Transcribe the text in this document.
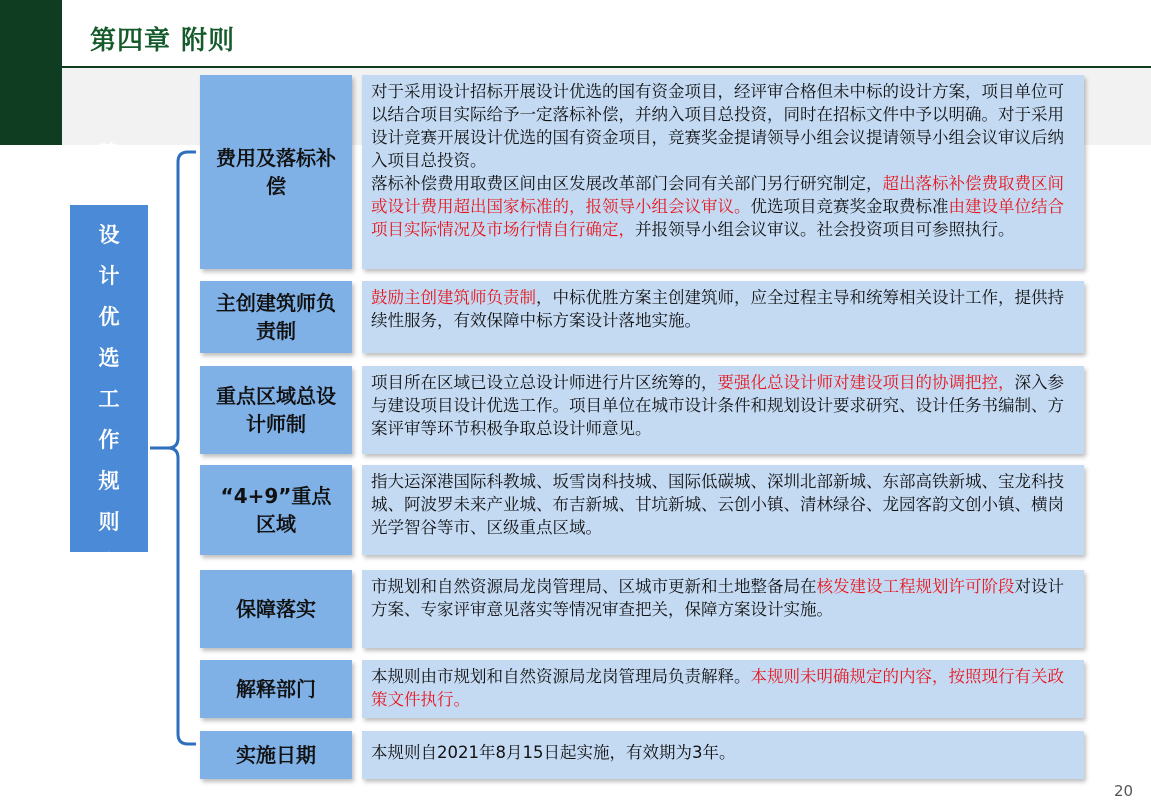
第四章 附则
建筑设计优选工作规则附则
费用及落标补偿
对于采用设计招标开展设计优选的国有资金项目，经评审合格但未中标的设计方案，项目单位可以结合项目实际给予一定落标补偿，并纳入项目总投资，同时在招标文件中予以明确。对于采用设计竞赛开展设计优选的国有资金项目，竞赛奖金提请领导小组会议提请领导小组会议审议后纳入项目总投资。
落标补偿费用取费区间由区发展改革部门会同有关部门另行研究制定，超出落标补偿费取费区间或设计费用超出国家标准的，报领导小组会议审议。优选项目竞赛奖金取费标准由建设单位结合项目实际情况及市场行情自行确定，并报领导小组会议审议。社会投资项目可参照执行。
主创建筑师负责制
鼓励主创建筑师负责制，中标优胜方案主创建筑师，应全过程主导和统筹相关设计工作，提供持续性服务，有效保障中标方案设计落地实施。
重点区域总设计师制
项目所在区域已设立总设计师进行片区统筹的，要强化总设计师对建设项目的协调把控，深入参与建设项目设计优选工作。项目单位在城市设计条件和规划设计要求研究、设计任务书编制、方案评审等环节积极争取总设计师意见。
“4+9”重点区域
指大运深港国际科教城、坂雪岗科技城、国际低碳城、深圳北部新城、东部高铁新城、宝龙科技城、阿波罗未来产业城、布吉新城、甘坑新城、云创小镇、清林绿谷、龙园客韵文创小镇、横岗光学智谷等市、区级重点区域。
保障落实
市规划和自然资源局龙岗管理局、区城市更新和土地整备局在核发建设工程规划许可阶段对设计方案、专家评审意见落实等情况审查把关，保障方案设计实施。
解释部门
本规则由市规划和自然资源局龙岗管理局负责解释。本规则未明确规定的内容，按照现行有关政策文件执行。
实施日期	本规则自2021年8月15日起实施，有效期为3年。
20
